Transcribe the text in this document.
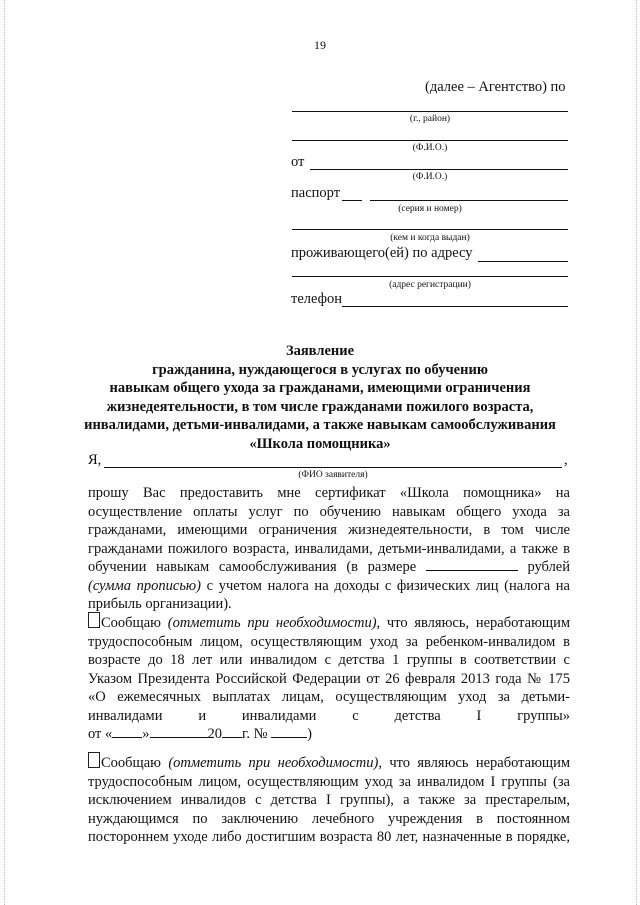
19
(далее – Агентство) по
(г., район)
(Ф.И.О.)
от
(Ф.И.О.)
паспорт
(серия и номер)
(кем и когда выдан)
проживающего(ей) по адресу
(адрес регистрации)
телефон
Заявление
гражданина, нуждающегося в услугах по обучению
навыкам общего ухода за гражданами, имеющими ограничения
жизнедеятельности, в том числе гражданами пожилого возраста,
инвалидами, детьми-инвалидами, а также навыкам самообслуживания
«Школа помощника»
Я,	,
(ФИО заявителя)

прошу Вас предоставить мне сертификат «Школа помощника» на осуществление оплаты услуг по обучению навыкам общего ухода за гражданами, имеющими ограничения жизнедеятельности, в том числе гражданами пожилого возраста, инвалидами, детьми-инвалидами, а также в обучении навыкам самообслуживания (в размере	рублей (сумма прописью) с учетом налога на доходы с физических лиц (налога на прибыль организации).

Сообщаю (отметить при необходимости), что являюсь, неработающим трудоспособным лицом, осуществляющим уход за ребенком-инвалидом в возрасте до 18 лет или инвалидом с детства 1 группы в соответствии с Указом Президента Российской Федерации от 26 февраля 2013 года № 175 «О ежемесячных выплатах лицам, осуществляющим уход за детьми-инвалидами и инвалидами с детства I группы»

от « »	20 г. №	)

Сообщаю (отметить при необходимости), что являюсь неработающим трудоспособным лицом, осуществляющим уход за инвалидом I группы (за исключением инвалидов с детства I группы), а также за престарелым, нуждающимся по заключению лечебного учреждения в постоянном постороннем уходе либо достигшим возраста 80 лет, назначенные в порядке,
